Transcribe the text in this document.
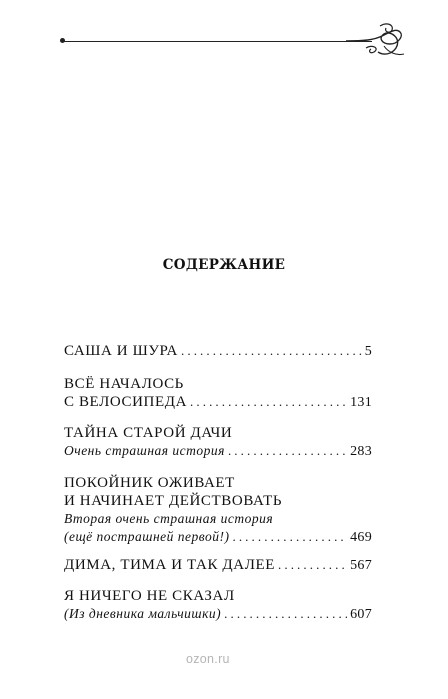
СОДЕРЖАНИЕ
САША И ШУРА .....	5
ВСЁ НАЧАЛОСЬ
С ВЕЛОСИПЕДА .....	131
ТАЙНА СТАРОЙ ДАЧИ
Очень страшная история .....	283
ПОКОЙНИК ОЖИВАЕТ
И НАЧИНАЕТ ДЕЙСТВОВАТЬ
Вторая очень страшная история
(ещё пострашней первой!) .....	469
ДИМА, ТИМА И ТАК ДАЛЕЕ .....	567
Я НИЧЕГО НЕ СКАЗАЛ
(Из дневника мальчишки) .....	607
ozon.ru
